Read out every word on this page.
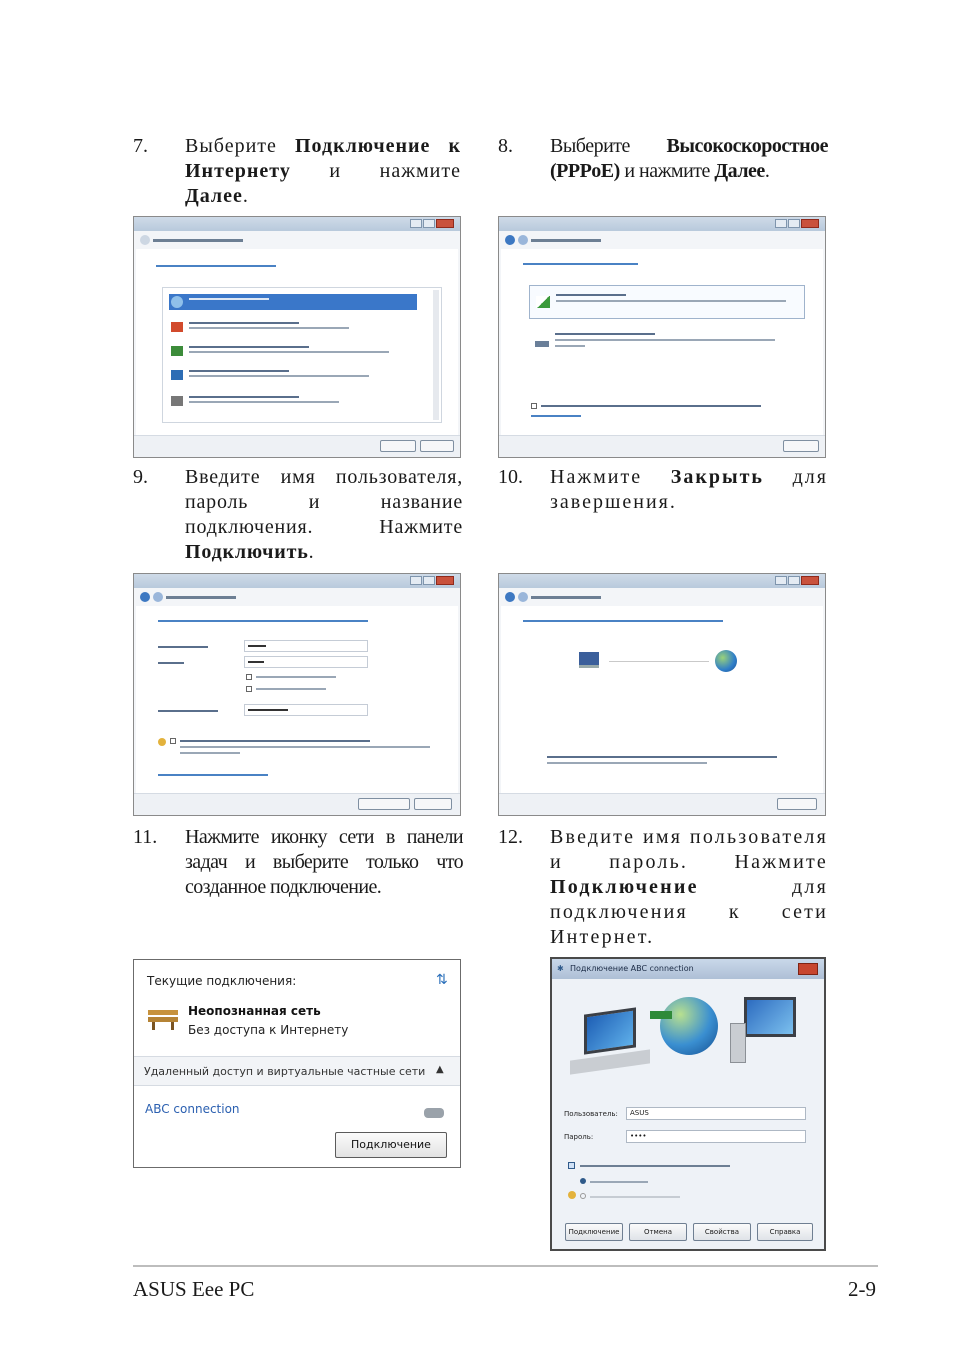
7. Выберите Подключение к Интернету и нажмите Далее.
8. Выберите Высокоскоростное (PPPoE) и нажмите Далее.
9. Введите имя пользователя, пароль и название подключения. Нажмите Подключить.
10. Нажмите Закрыть для завершения.
11. Нажмите иконку сети в панели задач и выберите только что созданное подключение.
12. Введите имя пользователя и пароль. Нажмите Подключение для подключения к сети Интернет.
Текущие подключения:	⇅
Неопознанная сеть
Без доступа к Интернету
Удаленный доступ и виртуальные частные сети ▲
ABC connection
Подключение
✱ Подключение ABC connection
Пользователь:	ASUS
Пароль:	••••
Подключение	Отмена	Свойства	Справка
ASUS Eee PC	2-9
